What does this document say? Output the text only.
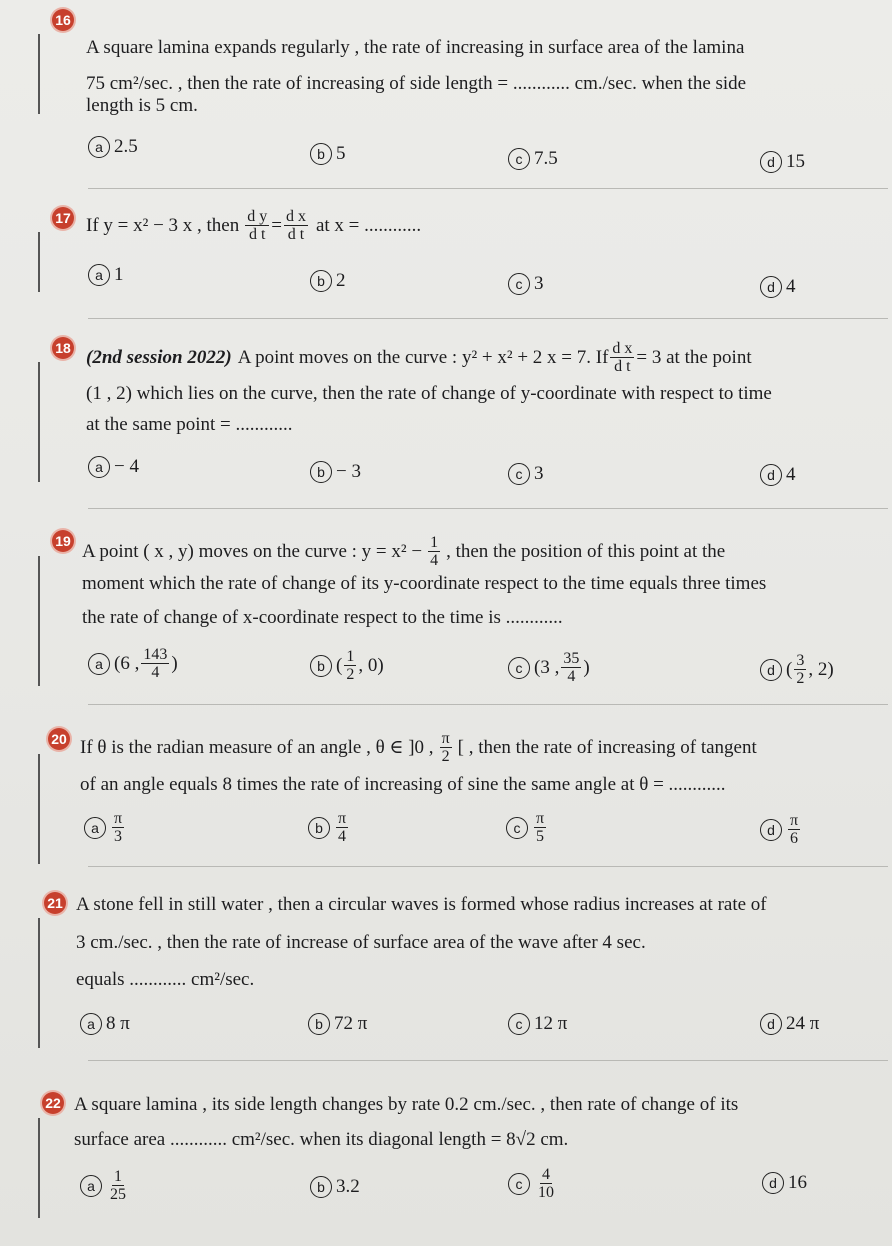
16
A square lamina expands regularly , the rate of increasing in surface area of the lamina
75 cm²/sec. , then the rate of increasing of side length = ............ cm./sec. when the side
length is 5 cm.
a 2.5	b 5	c 7.5	d 15
17 If y = x² − 3 x , then $\frac{\text{d y}}{\text{d t}} = \frac{\text{d x}}{\text{d t}}$ at x = ............
a 1	b 2	c 3	d 4
18 (2nd session 2022) A point moves on the curve : y² + x² + 2 x = 7. If $\frac{\text{d x}}{\text{d t}} = 3$ at the point
(1 , 2) which lies on the curve, then the rate of change of y-coordinate with respect to time
at the same point = ............
a − 4	b − 3	c 3	d 4
19 A point ( x , y) moves on the curve : $y = x^2 - \frac{1}{4}$ , then the position of this point at the
moment which the rate of change of its y-coordinate respect to the time equals three times
the rate of change of x-coordinate respect to the time is ............
a (6 , $\frac{143}{4}$ )	b ( $\frac{1}{2}$ , 0)	c (3 , $\frac{35}{4}$ )	d ( $\frac{3}{2}$ , 2)
20 If θ is the radian measure of an angle , θ ∈ ]0 , $\frac{\pi}{2}$ [ , then the rate of increasing of tangent
of an angle equals 8 times the rate of increasing of sine the same angle at θ = ............
a $\frac{\pi}{3}$	b $\frac{\pi}{4}$	c $\frac{\pi}{5}$	d $\frac{\pi}{6}$
21 A stone fell in still water , then a circular waves is formed whose radius increases at rate of
3 cm./sec. , then the rate of increase of surface area of the wave after 4 sec.
equals ............ cm²/sec.
a 8 π	b 72 π	c 12 π	d 24 π
22 A square lamina , its side length changes by rate 0.2 cm./sec. , then rate of change of its
surface area ............ cm²/sec. when its diagonal length = 8√2 cm.
a $\frac{1}{25}$	b 3.2	c $\frac{4}{10}$	d 16
